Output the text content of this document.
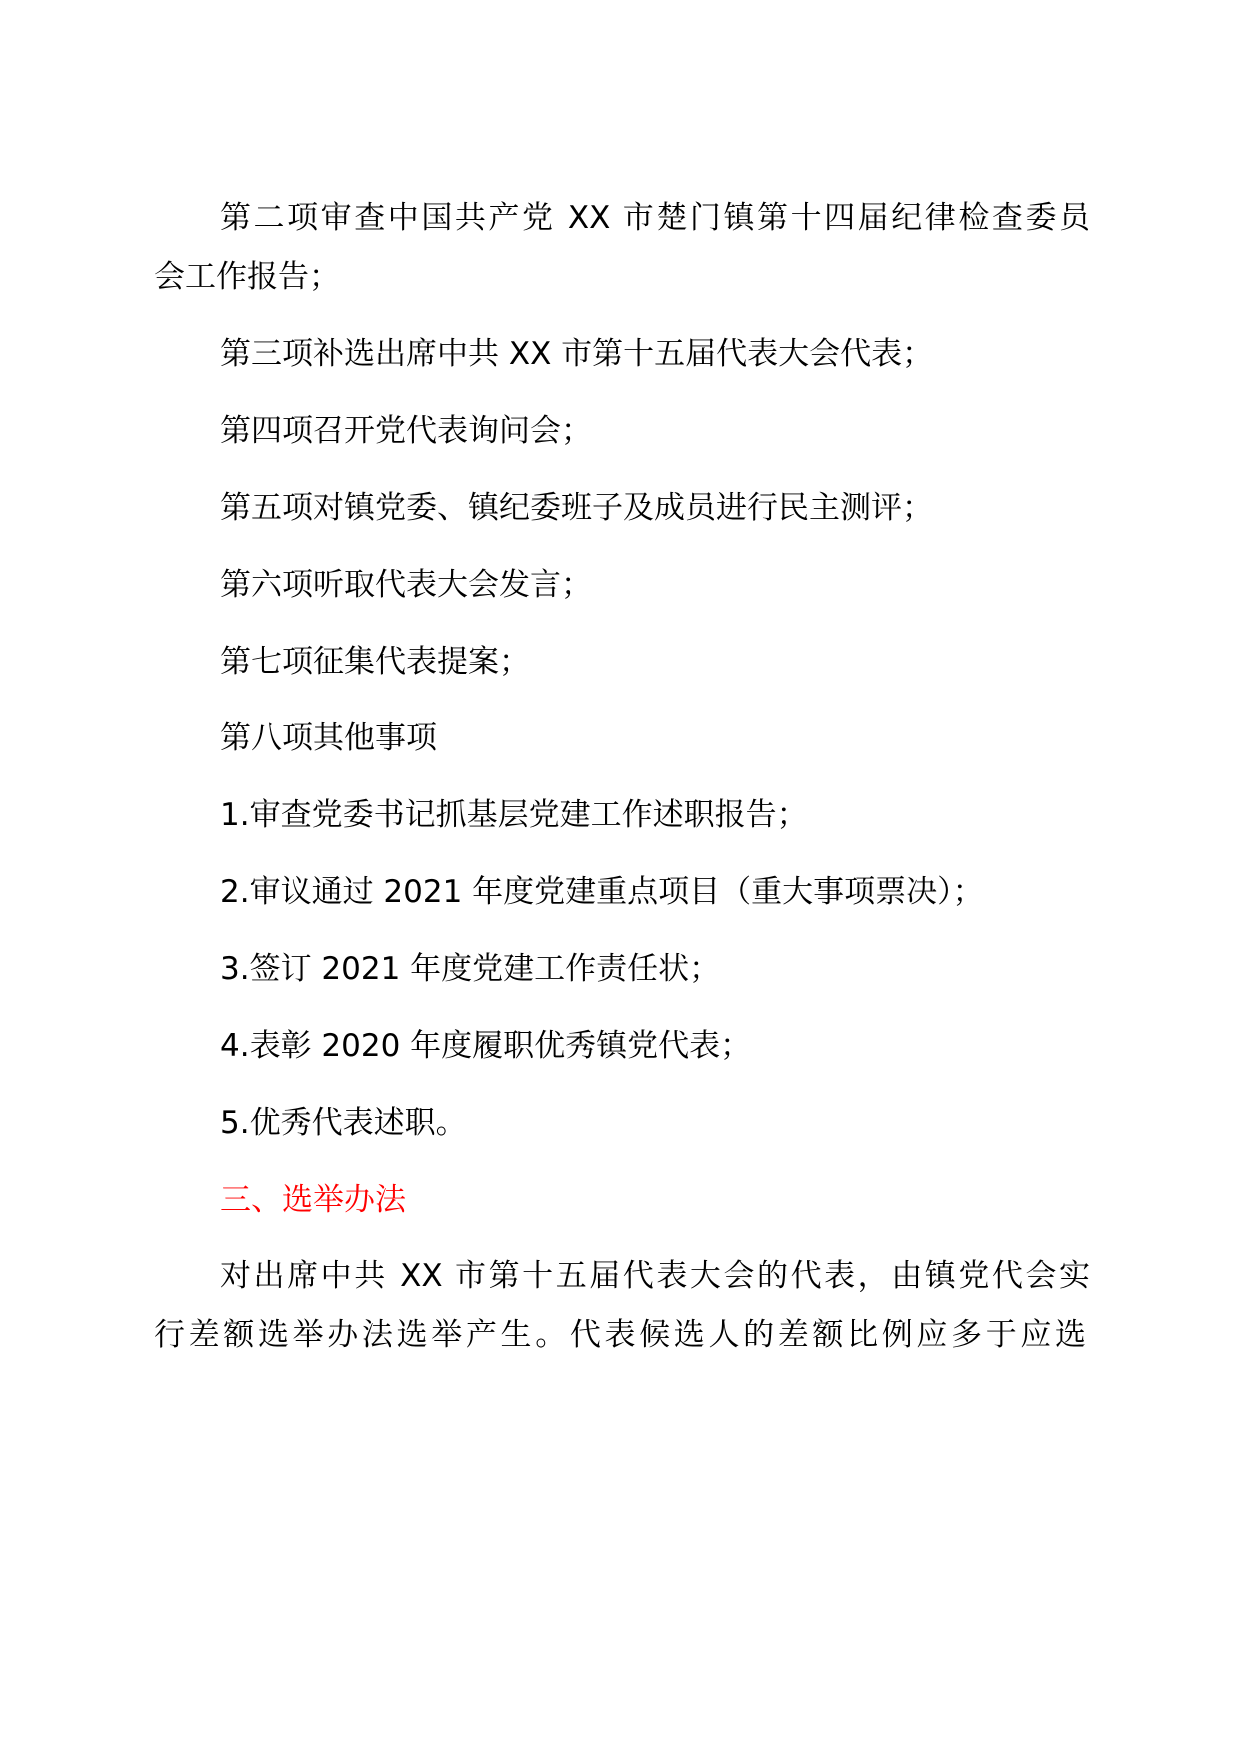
第二项审查中国共产党 XX 市楚门镇第十四届纪律检查委员

会工作报告；

第三项补选出席中共 XX 市第十五届代表大会代表；

第四项召开党代表询问会；

第五项对镇党委、镇纪委班子及成员进行民主测评；

第六项听取代表大会发言；

第七项征集代表提案；

第八项其他事项

1.审查党委书记抓基层党建工作述职报告；

2.审议通过 2021 年度党建重点项目（重大事项票决）；

3.签订 2021 年度党建工作责任状；

4.表彰 2020 年度履职优秀镇党代表；

5.优秀代表述职。

三、选举办法

对出席中共 XX 市第十五届代表大会的代表，由镇党代会实

行差额选举办法选举产生。代表候选人的差额比例应多于应选
